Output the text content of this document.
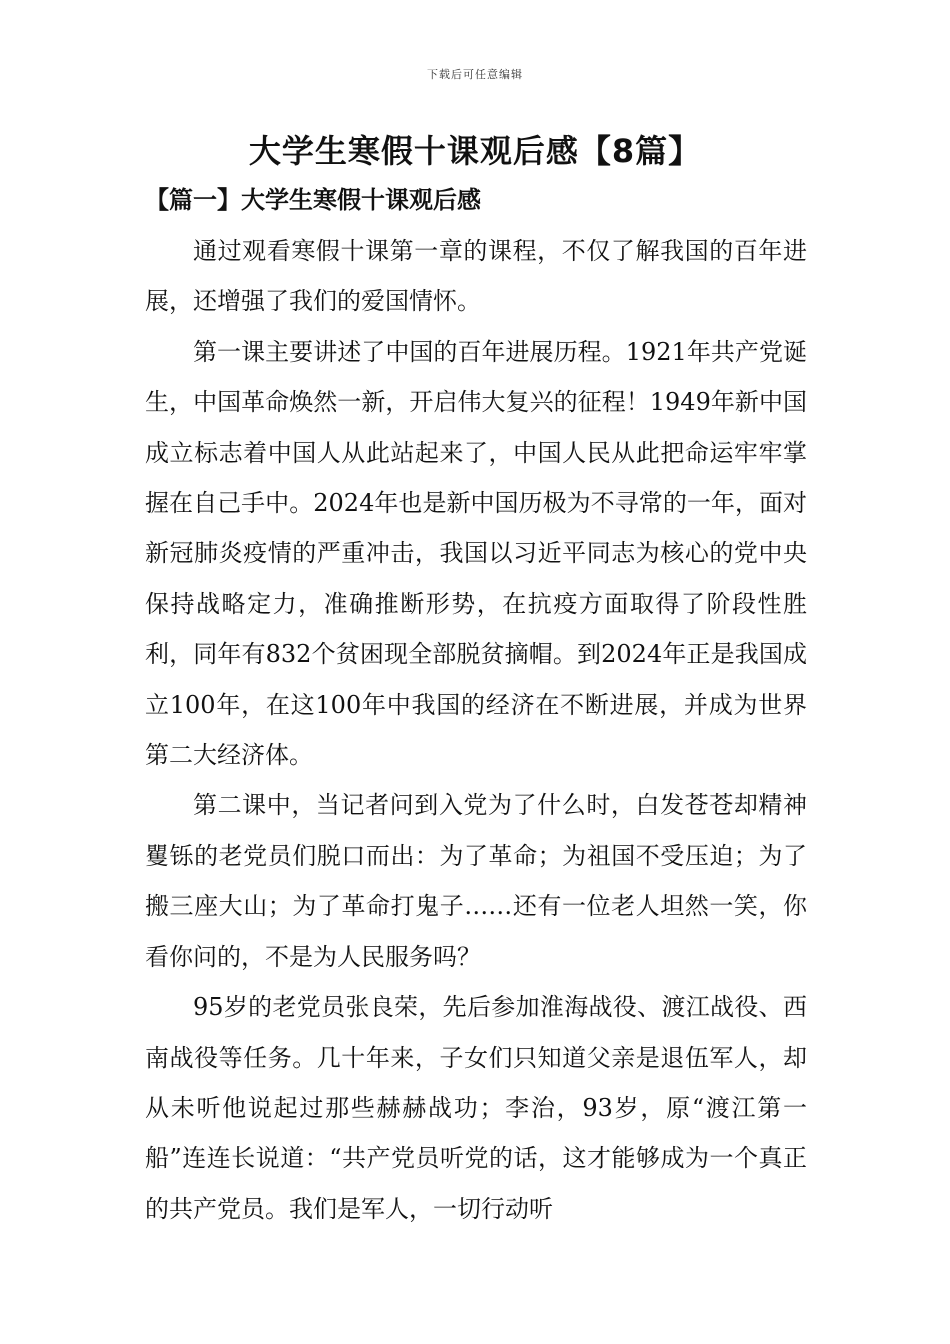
下载后可任意编辑
大学生寒假十课观后感【8篇】
【篇一】大学生寒假十课观后感

通过观看寒假十课第一章的课程，不仅了解我国的百年进展，还增强了我们的爱国情怀。

第一课主要讲述了中国的百年进展历程。1921年共产党诞生，中国革命焕然一新，开启伟大复兴的征程！1949年新中国成立标志着中国人从此站起来了，中国人民从此把命运牢牢掌握在自己手中。2024年也是新中国历极为不寻常的一年，面对新冠肺炎疫情的严重冲击，我国以习近平同志为核心的党中央保持战略定力，准确推断形势，在抗疫方面取得了阶段性胜利，同年有832个贫困现全部脱贫摘帽。到2024年正是我国成立100年，在这100年中我国的经济在不断进展，并成为世界第二大经济体。

第二课中，当记者问到入党为了什么时，白发苍苍却精神矍铄的老党员们脱口而出：为了革命；为祖国不受压迫；为了搬三座大山；为了革命打鬼子……还有一位老人坦然一笑，你看你问的，不是为人民服务吗？

95岁的老党员张良荣，先后参加淮海战役、渡江战役、西南战役等任务。几十年来，子女们只知道父亲是退伍军人，却从未听他说起过那些赫赫战功；李治，93岁，原“渡江第一船”连连长说道：“共产党员听党的话，这才能够成为一个真正的共产党员。我们是军人，一切行动听
